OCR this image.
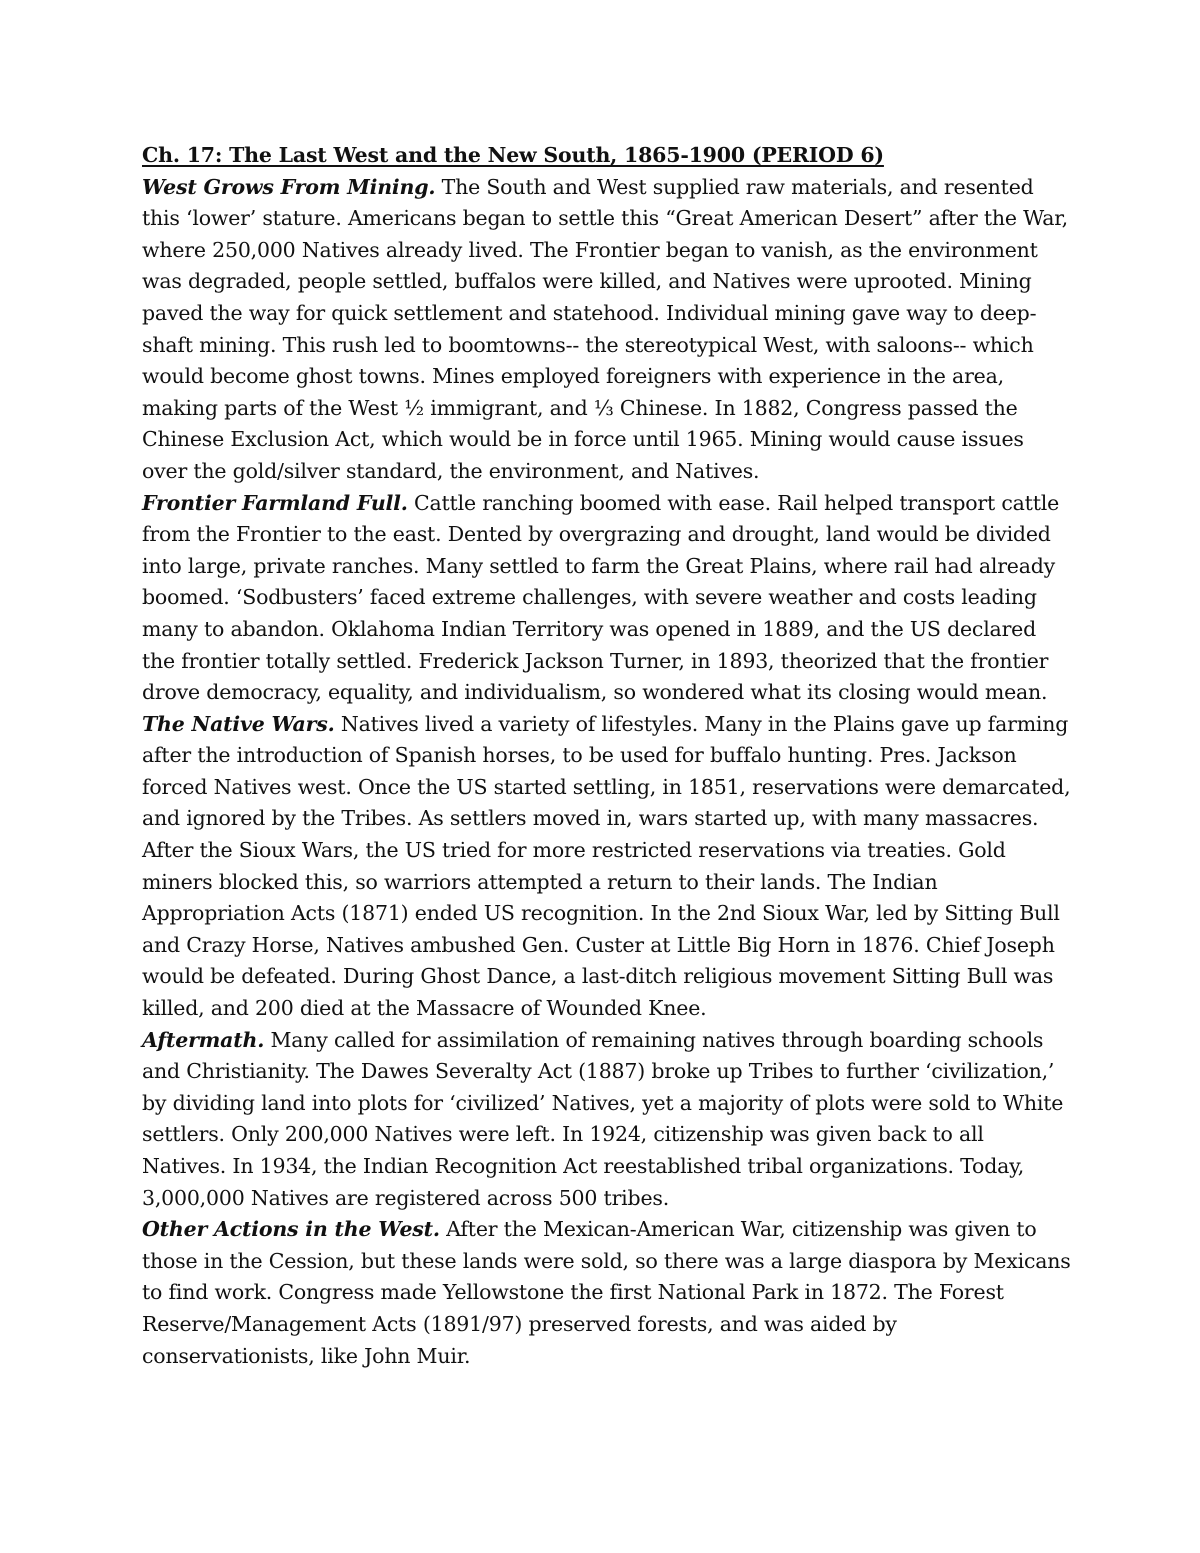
Ch. 17: The Last West and the New South, 1865-1900 (PERIOD 6)

West Grows From Mining. The South and West supplied raw materials, and resented this ‘lower’ stature. Americans began to settle this “Great American Desert” after the War, where 250,000 Natives already lived. The Frontier began to vanish, as the environment was degraded, people settled, buffalos were killed, and Natives were uprooted. Mining paved the way for quick settlement and statehood. Individual mining gave way to deep-shaft mining. This rush led to boomtowns-- the stereotypical West, with saloons-- which would become ghost towns. Mines employed foreigners with experience in the area, making parts of the West ½ immigrant, and ⅓ Chinese. In 1882, Congress passed the Chinese Exclusion Act, which would be in force until 1965. Mining would cause issues over the gold/silver standard, the environment, and Natives.

Frontier Farmland Full. Cattle ranching boomed with ease. Rail helped transport cattle from the Frontier to the east. Dented by overgrazing and drought, land would be divided into large, private ranches. Many settled to farm the Great Plains, where rail had already boomed. ‘Sodbusters’ faced extreme challenges, with severe weather and costs leading many to abandon. Oklahoma Indian Territory was opened in 1889, and the US declared the frontier totally settled. Frederick Jackson Turner, in 1893, theorized that the frontier drove democracy, equality, and individualism, so wondered what its closing would mean.

The Native Wars. Natives lived a variety of lifestyles. Many in the Plains gave up farming after the introduction of Spanish horses, to be used for buffalo hunting. Pres. Jackson forced Natives west. Once the US started settling, in 1851, reservations were demarcated, and ignored by the Tribes. As settlers moved in, wars started up, with many massacres. After the Sioux Wars, the US tried for more restricted reservations via treaties. Gold miners blocked this, so warriors attempted a return to their lands. The Indian Appropriation Acts (1871) ended US recognition. In the 2nd Sioux War, led by Sitting Bull and Crazy Horse, Natives ambushed Gen. Custer at Little Big Horn in 1876. Chief Joseph would be defeated. During Ghost Dance, a last-ditch religious movement Sitting Bull was killed, and 200 died at the Massacre of Wounded Knee.

Aftermath. Many called for assimilation of remaining natives through boarding schools and Christianity. The Dawes Severalty Act (1887) broke up Tribes to further ‘civilization,’ by dividing land into plots for ‘civilized’ Natives, yet a majority of plots were sold to White settlers. Only 200,000 Natives were left. In 1924, citizenship was given back to all Natives. In 1934, the Indian Recognition Act reestablished tribal organizations. Today, 3,000,000 Natives are registered across 500 tribes.

Other Actions in the West. After the Mexican-American War, citizenship was given to those in the Cession, but these lands were sold, so there was a large diaspora by Mexicans to find work. Congress made Yellowstone the first National Park in 1872. The Forest Reserve/Management Acts (1891/97) preserved forests, and was aided by conservationists, like John Muir.
